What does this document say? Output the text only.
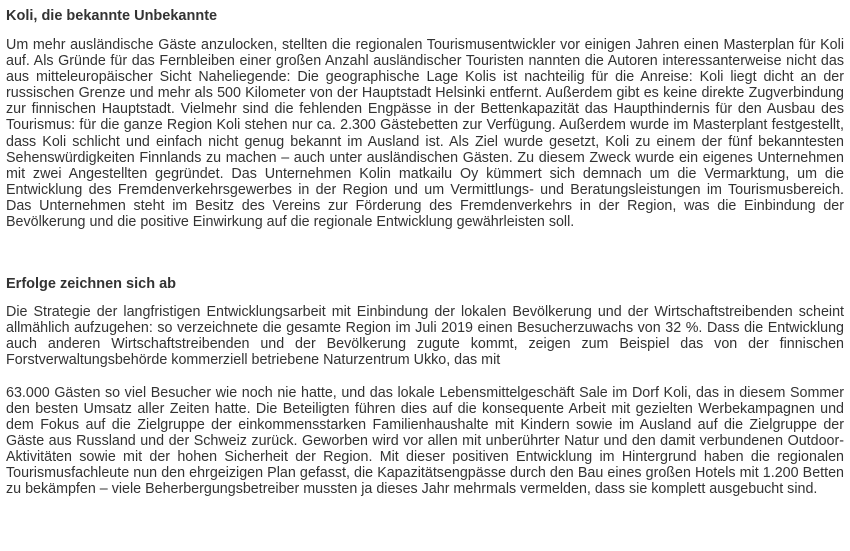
Koli, die bekannte Unbekannte

Um mehr ausländische Gäste anzulocken, stellten die regionalen Tourismusentwickler vor einigen Jahren einen Masterplan für Koli auf. Als Gründe für das Fernbleiben einer großen Anzahl ausländischer Touristen nannten die Autoren interessanterweise nicht das aus mitteleuropäischer Sicht Naheliegende: Die geographische Lage Kolis ist nachteilig für die Anreise: Koli liegt dicht an der russischen Grenze und mehr als 500 Kilometer von der Hauptstadt Helsinki entfernt. Außerdem gibt es keine direkte Zugverbindung zur finnischen Hauptstadt. Vielmehr sind die fehlenden Engpässe in der Bettenkapazität das Haupthindernis für den Ausbau des Tourismus: für die ganze Region Koli stehen nur ca. 2.300 Gästebetten zur Verfügung. Außerdem wurde im Masterplant festgestellt, dass Koli schlicht und einfach nicht genug bekannt im Ausland ist. Als Ziel wurde gesetzt, Koli zu einem der fünf bekanntesten Sehenswürdigkeiten Finnlands zu machen – auch unter ausländischen Gästen. Zu diesem Zweck wurde ein eigenes Unternehmen mit zwei Angestellten gegründet. Das Unternehmen Kolin matkailu Oy kümmert sich demnach um die Vermarktung, um die Entwicklung des Fremdenverkehrsgewerbes in der Region und um Vermittlungs- und Beratungsleistungen im Tourismusbereich. Das Unternehmen steht im Besitz des Vereins zur Förderung des Fremdenverkehrs in der Region, was die Einbindung der Bevölkerung und die positive Einwirkung auf die regionale Entwicklung gewährleisten soll.

Erfolge zeichnen sich ab

Die Strategie der langfristigen Entwicklungsarbeit mit Einbindung der lokalen Bevölkerung und der Wirtschaftstreibenden scheint allmählich aufzugehen: so verzeichnete die gesamte Region im Juli 2019 einen Besucherzuwachs von 32 %. Dass die Entwicklung auch anderen Wirtschaftstreibenden und der Bevölkerung zugute kommt, zeigen zum Beispiel das von der finnischen Forstverwaltungsbehörde kommerziell betriebene Naturzentrum Ukko, das mit

63.000 Gästen so viel Besucher wie noch nie hatte, und das lokale Lebensmittelgeschäft Sale im Dorf Koli, das in diesem Sommer den besten Umsatz aller Zeiten hatte. Die Beteiligten führen dies auf die konsequente Arbeit mit gezielten Werbekampagnen und dem Fokus auf die Zielgruppe der einkommensstarken Familienhaushalte mit Kindern sowie im Ausland auf die Zielgruppe der Gäste aus Russland und der Schweiz zurück. Geworben wird vor allen mit unberührter Natur und den damit verbundenen Outdoor-Aktivitäten sowie mit der hohen Sicherheit der Region. Mit dieser positiven Entwicklung im Hintergrund haben die regionalen Tourismusfachleute nun den ehrgeizigen Plan gefasst, die Kapazitätsengpässe durch den Bau eines großen Hotels mit 1.200 Betten zu bekämpfen – viele Beherbergungsbetreiber mussten ja dieses Jahr mehrmals vermelden, dass sie komplett ausgebucht sind.
